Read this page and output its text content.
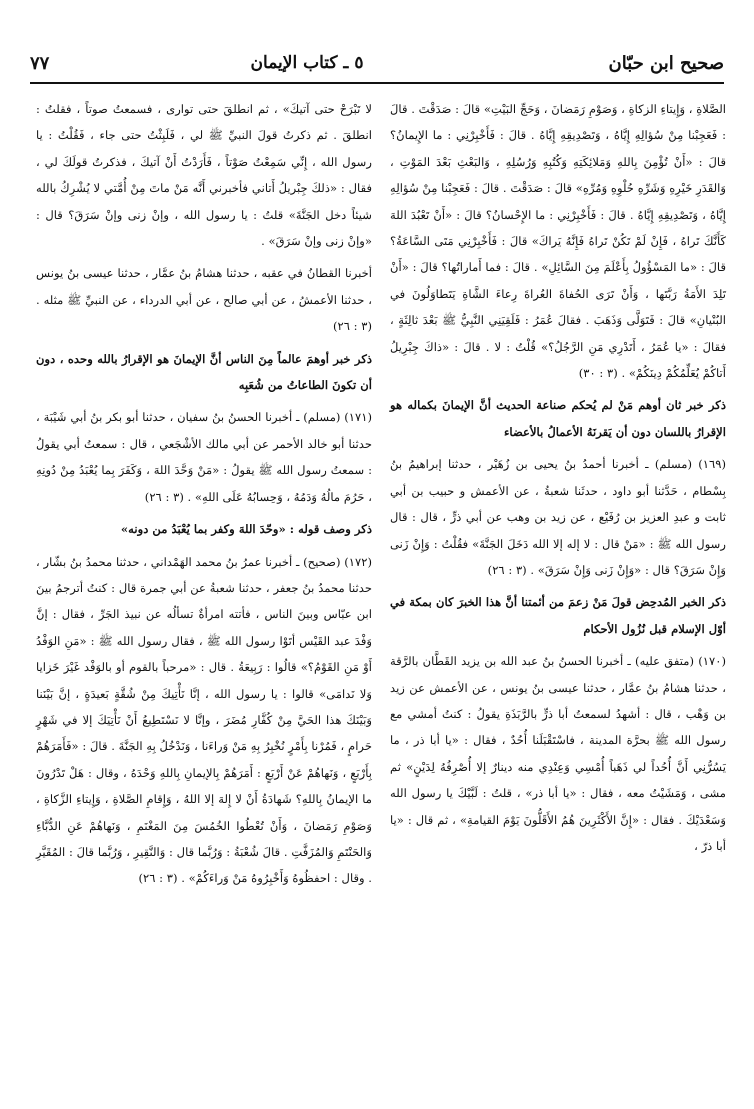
٧٧	٥ ـ كتاب الإيمان	صحيح ابن حبّان

الصَّلاةِ ، وَإِيتاءِ الزكاةِ ، وَصَوْمِ رَمَضانَ ، وَحَجِّ البَيْتِ» قالَ : صَدَقْتَ . قالَ : فَعَجِبْنا مِنْ سُؤالِهِ إِيَّاهُ ، وَتَصْدِيقِهِ إِيَّاهُ . قالَ : فَأَخْبِرْنِي : ما الإِيمانُ؟ قالَ : «أَنْ تُؤْمِنَ بِاللهِ وَمَلائِكَتِهِ وَكُتُبِهِ وَرُسُلِهِ ، وَالبَعْثِ بَعْدَ المَوْتِ ، وَالقَدَرِ خَيْرِهِ وَشَرِّهِ حُلْوِهِ وَمُرِّهِ» قالَ : صَدَقْتَ . قالَ : فَعَجِبْنا مِنْ سُؤالِهِ إِيَّاهُ ، وَتَصْدِيقِهِ إِيَّاهُ . قالَ : فَأَخْبِرْنِي : ما الإِحْسانُ؟ قالَ : «أَنْ تَعْبُدَ اللهَ كَأَنَّكَ تَراهُ ، فَإِنْ لَمْ تَكُنْ تَراهُ فَإِنَّهُ يَراكَ» قالَ : فَأَخْبِرْنِي مَتَى السَّاعَةُ؟ قالَ : «ما المَسْؤُولُ بِأَعْلَمَ مِنَ السَّائِلِ» . قالَ : فما أَماراتُها؟ قالَ : «أَنْ تَلِدَ الأَمَةُ رَبَّتَها ، وَأَنْ تَرَى الحُفاةَ العُراةَ رِعاءَ الشَّاةِ يَتَطاوَلُونَ في البُنْيانِ» قالَ : فَتَوَلَّى وَذَهَبَ . فقالَ عُمَرُ : فَلَقِيَنِي النَّبِيُّ ﷺ بَعْدَ ثالِثَةٍ ، فقالَ : «يا عُمَرُ ، أَتَدْرِي مَنِ الرَّجُلُ؟» قُلْتُ : لا . قالَ : «ذاكَ جِبْرِيلُ أَتاكُمْ يُعَلِّمُكُمْ دِينَكُمْ» . (٣ : ٣٠)

ذكر خبر ثان أوهم مَنْ لم يُحكم صناعة الحديث أنَّ الإيمانَ بكماله هو الإقرارُ باللسان دون أن يَقرنَهُ الأعمالُ بالأعضاء

(١٦٩) (مسلم) ـ أخبرنا أحمدُ بنُ يحيى بن زُهَيْر ، حدثنا إبراهيمُ بنُ بِسْطام ، حَدَّثنا أبو داود ، حدثَنا شعبةُ ، عن الأعمش و حبيب بن أبي ثابت و عبدِ العزيز بن رُفَيْع ، عن زيد بن وهب عن أبي ذرٍّ ، قال : قال رسول الله ﷺ : «مَنْ قال : لا إله إلا الله دَخَلَ الجَنَّةَ» فقُلْتُ : وَإِنْ زَنى وَإِنْ سَرَقَ؟ قال : «وَإِنْ زَنى وَإِنْ سَرَقَ» . (٣ : ٢٦)

ذكر الخبر المُدحِض قولَ مَنْ زعمَ من أئمتنا أنَّ هذا الخبرَ كان بمكة في أوّل الإسلام قبل نُزُول الأحكام

(١٧٠) (متفق عليه) ـ أخبرنا الحسنُ بنُ عبد الله بن يزيد القَطَّان بالرَّقة ، حدثنا هشامُ بنُ عمَّار ، حدثنا عيسى بنُ يونس ، عن الأعمش عن زيد بن وَهْب ، قال : أشهدُ لسمعتُ أبا ذرٍّ بالرَّبَذَةِ يقولُ : كنتُ أمشي مع رسول الله ﷺ بحرَّة المدينة ، فاسْتَقْبَلَنا أُحُدٌ ، فقال : «يا أبا ذر ، ما يَسُرُّنِي أَنَّ أُحُداً لي ذَهَباً أُمْسِي وَعِنْدِي منه دينارٌ إلا أُصْرِفُهُ لِدَيْنٍ» ثم مشى ، وَمَشَيْتُ معه ، فقال : «يا أبا ذر» ، قلتُ : لَبَّيْكَ يا رسول الله وَسَعْدَيْكَ . فقال : «إِنَّ الأَكْثَرِينَ هُمُ الأَقَلُّونَ يَوْمَ القيامةِ» ، ثم قال : «يا أبا ذرّ ،

لا تَبْرَحْ حتى آتيكَ» ، ثم انطلقَ حتى توارى ، فسمعتُ صوتاً ، فقلتُ : انطلقَ . ثم ذكرتُ قولَ النبيِّ ﷺ لي ، فَلَبِثْتُ حتى جاء ، فَقُلْتُ : يا رسول الله ، إِنِّي سَمِعْتُ صَوْتاً ، فَأَرَدْتُ أَنْ آتيكَ ، فذكرتُ قولَكَ لي ، فقال : «ذلكَ جِبْريلُ أَتاني فأخبرني أَنَّه مَنْ ماتَ مِنْ أُمَّتي لا يُشْرِكُ بالله شيئاً دخل الجَنَّةَ» قلتُ : يا رسول الله ، وإنْ زنى وإنْ سَرَقَ؟ قال : «وإنْ زنى وإنْ سَرَقَ» .

أخبرنا القطانُ في عقبه ، حدثنا هشامُ بنُ عمَّار ، حدثنا عيسى بنُ يونس ، حدثنا الأعمشُ ، عن أبي صالح ، عن أبي الدرداء ، عن النبيِّ ﷺ مثله . (٣ : ٢٦)

ذكر خبر أوهمَ عالماً مِنَ الناس أنَّ الإيمانَ هو الإقرارُ بالله وحده ، دون أن تكونَ الطاعاتُ من شُعَبِه

(١٧١) (مسلم) ـ أخبرنا الحسنُ بنُ سفيان ، حدثنا أبو بكر بنُ أبي شَيْبَة ، حدثنا أبو خالد الأحمر عن أبي مالك الأشْجَعي ، قال : سمعتُ أبي يقولُ : سمعتُ رسول الله ﷺ يقولُ : «مَنْ وَحَّدَ اللهَ ، وَكَفَرَ بِما يُعْبَدُ مِنْ دُونِهِ ، حَرُمَ مالُهُ وَدَمُهُ ، وَحِسابُهُ عَلَى اللهِ» . (٣ : ٢٦)

ذكر وصف قوله : «وحّدَ اللهَ وكفر بما يُعْبَدُ من دونه»

(١٧٢) (صحيح) ـ أخبرنا عمرُ بنُ محمد الهَمْداني ، حدثنا محمدُ بنُ بشّار ، حدثنا محمدُ بنُ جعفر ، حدثنا شعبةُ عن أبي جمرة قال : كنتُ أترجمُ بينَ ابن عبّاس وبينَ الناس ، فأتته امرأةٌ تسألُه عن نبيذ الجَرِّ ، فقال : إنَّ وَفْدَ عبد القَيْس أتَوْا رسول الله ﷺ ، فقال رسول الله ﷺ : «مَنِ الوَفْدُ أَوْ مَنِ القَوْمُ؟» قالُوا : رَبِيعَةُ . قال : «مرحباً بالقوم أو بالوَفْد غَيْرَ خَزايا وَلا نَدامَى» قالوا : يا رسول الله ، إنَّا نَأْتِيكَ مِنْ شُقَّةٍ بَعيدَةٍ ، إنَّ بَيْنَنا وَبَيْنَكَ هذا الحَيَّ مِنْ كُفَّارِ مُضَرَ ، وإنَّا لا نَسْتَطِيعُ أَنْ نَأْتِيَكَ إلا في شَهْرٍ حَرامٍ ، فَمُرْنا بِأَمْرٍ نُخْبِرُ بِهِ مَنْ وَراءَنا ، وَنَدْخُلُ بِهِ الجَنَّةَ . قالَ : «فَأَمَرَهُمْ بِأَرْبَعٍ ، وَنَهاهُمْ عَنْ أَرْبَعٍ : أَمَرَهُمْ بِالإيمانِ بِاللهِ وَحْدَهُ ، وقال : هَلْ تَدْرُونَ ما الإيمانُ بِاللهِ؟ شَهادَةُ أَنْ لا إِلهَ إلا اللهُ ، وَإِقامِ الصَّلاةِ ، وَإِيتاءِ الزَّكاةِ ، وَصَوْمِ رَمَضانَ ، وَأَنْ تُعْطُوا الخُمُسَ مِنَ المَغْنَمِ ، وَنَهاهُمْ عَنِ الدُّبَّاءِ وَالحَنْتَمِ وَالمُزَفَّتِ . قالَ شُعْبَةُ : وَرُبَّما قال : وَالنَّقِيرِ ، وَرُبَّما قالَ : المُقَيَّرِ . وقال : احفظُوهُ وَأَخْبِرُوهُ مَنْ وَراءَكُمْ» . (٣ : ٢٦)
